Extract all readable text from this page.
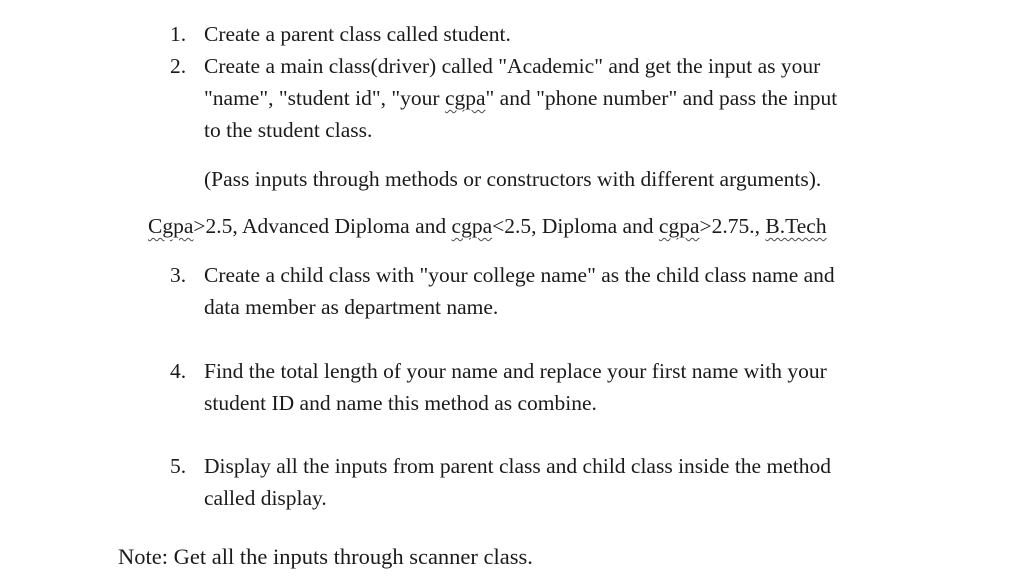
1. Create a parent class called student.
2. Create a main class(driver) called "Academic" and get the input as your
"name", "student id", "your cgpa" and "phone number" and pass the input
to the student class.
(Pass inputs through methods or constructors with different arguments).
Cgpa>2.5, Advanced Diploma and cgpa<2.5, Diploma and cgpa>2.75., B.Tech
3. Create a child class with "your college name" as the child class name and
data member as department name.
4. Find the total length of your name and replace your first name with your
student ID and name this method as combine.
5. Display all the inputs from parent class and child class inside the method
called display.
Note: Get all the inputs through scanner class.
